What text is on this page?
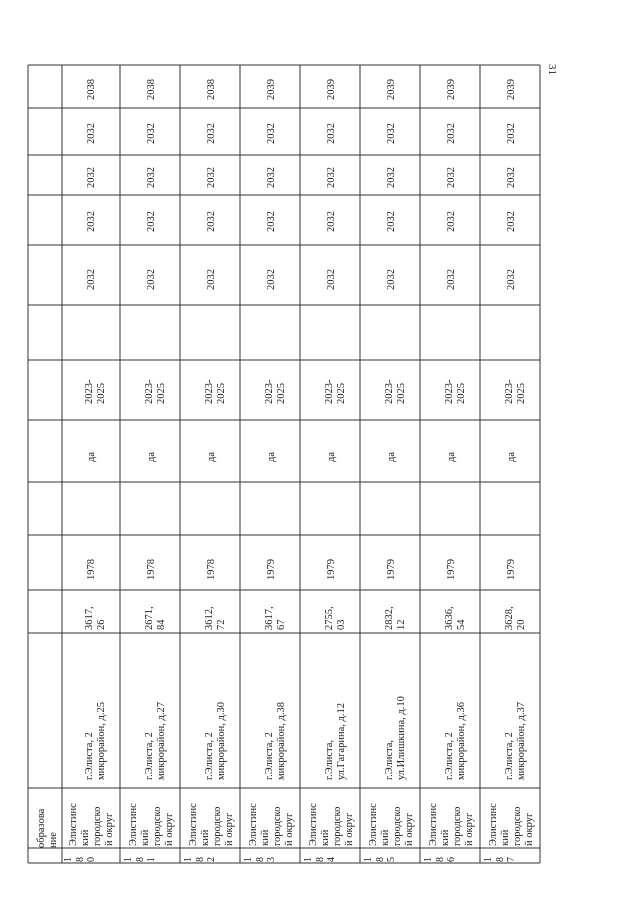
31
образова
ние
1
8
0
Элистинс
кий
городско
й округ
г.Элиста, 2
микрорайон, д.25
3617,
26
1978
да
2023-
2025
2032
2032
2032
2032
2038
1
8
1
Элистинс
кий
городско
й округ
г.Элиста, 2
микрорайон, д.27
2671,
84
1978
да
2023-
2025
2032
2032
2032
2032
2038
1
8
2
Элистинс
кий
городско
й округ
г.Элиста, 2
микрорайон, д.30
3612,
72
1978
да
2023-
2025
2032
2032
2032
2032
2038
1
8
3
Элистинс
кий
городско
й округ
г.Элиста, 2
микрорайон, д.38
3617,
67
1979
да
2023-
2025
2032
2032
2032
2032
2039
1
8
4
Элистинс
кий
городско
й округ
г.Элиста,
ул.Гагарина, д.12
2755,
03
1979
да
2023-
2025
2032
2032
2032
2032
2039
1
8
5
Элистинс
кий
городско
й округ
г.Элиста,
ул.Илишкина, д.10
2832,
12
1979
да
2023-
2025
2032
2032
2032
2032
2039
1
8
6
Элистинс
кий
городско
й округ
г.Элиста, 2
микрорайон, д.36
3636,
54
1979
да
2023-
2025
2032
2032
2032
2032
2039
1
8
7
Элистинс
кий
городско
й округ
г.Элиста, 2
микрорайон, д.37
3628,
20
1979
да
2023-
2025
2032
2032
2032
2032
2039
